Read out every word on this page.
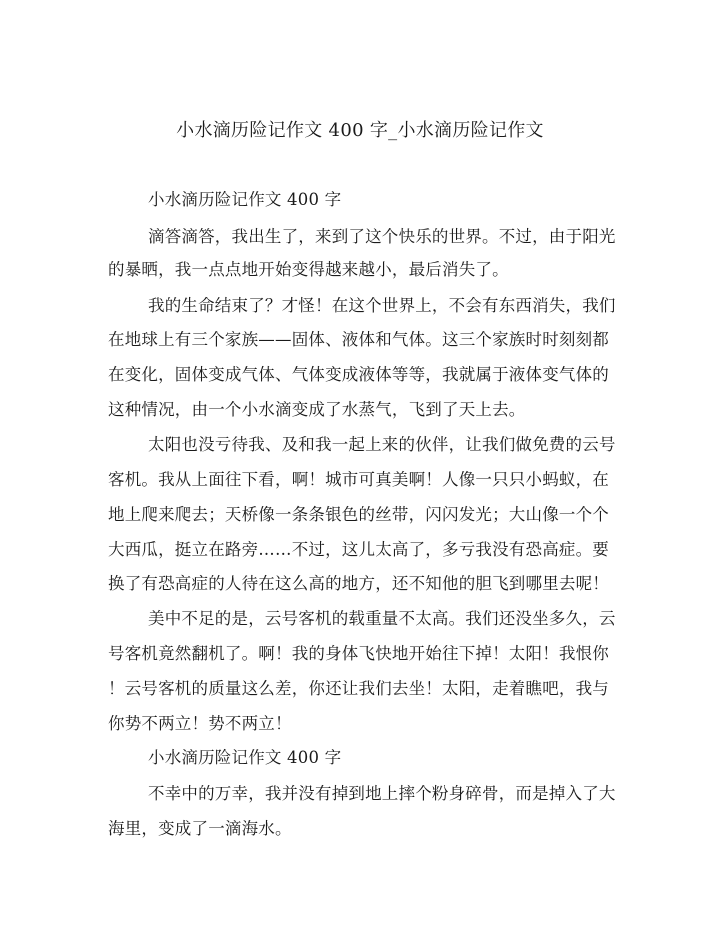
小水滴历险记作文 400 字_小水滴历险记作文
小水滴历险记作文 400 字
滴答滴答，我出生了，来到了这个快乐的世界。不过，由于阳光
的暴晒，我一点点地开始变得越来越小，最后消失了。
我的生命结束了？才怪！在这个世界上，不会有东西消失，我们
在地球上有三个家族——固体、液体和气体。这三个家族时时刻刻都
在变化，固体变成气体、气体变成液体等等，我就属于液体变气体的
这种情况，由一个小水滴变成了水蒸气，飞到了天上去。
太阳也没亏待我、及和我一起上来的伙伴，让我们做免费的云号
客机。我从上面往下看，啊！城市可真美啊！人像一只只小蚂蚁，在
地上爬来爬去；天桥像一条条银色的丝带，闪闪发光；大山像一个个
大西瓜，挺立在路旁……不过，这儿太高了，多亏我没有恐高症。要
换了有恐高症的人待在这么高的地方，还不知他的胆飞到哪里去呢！
美中不足的是，云号客机的载重量不太高。我们还没坐多久，云
号客机竟然翻机了。啊！我的身体飞快地开始往下掉！太阳！我恨你
！云号客机的质量这么差，你还让我们去坐！太阳，走着瞧吧，我与
你势不两立！势不两立！
小水滴历险记作文 400 字
不幸中的万幸，我并没有掉到地上摔个粉身碎骨，而是掉入了大
海里，变成了一滴海水。
